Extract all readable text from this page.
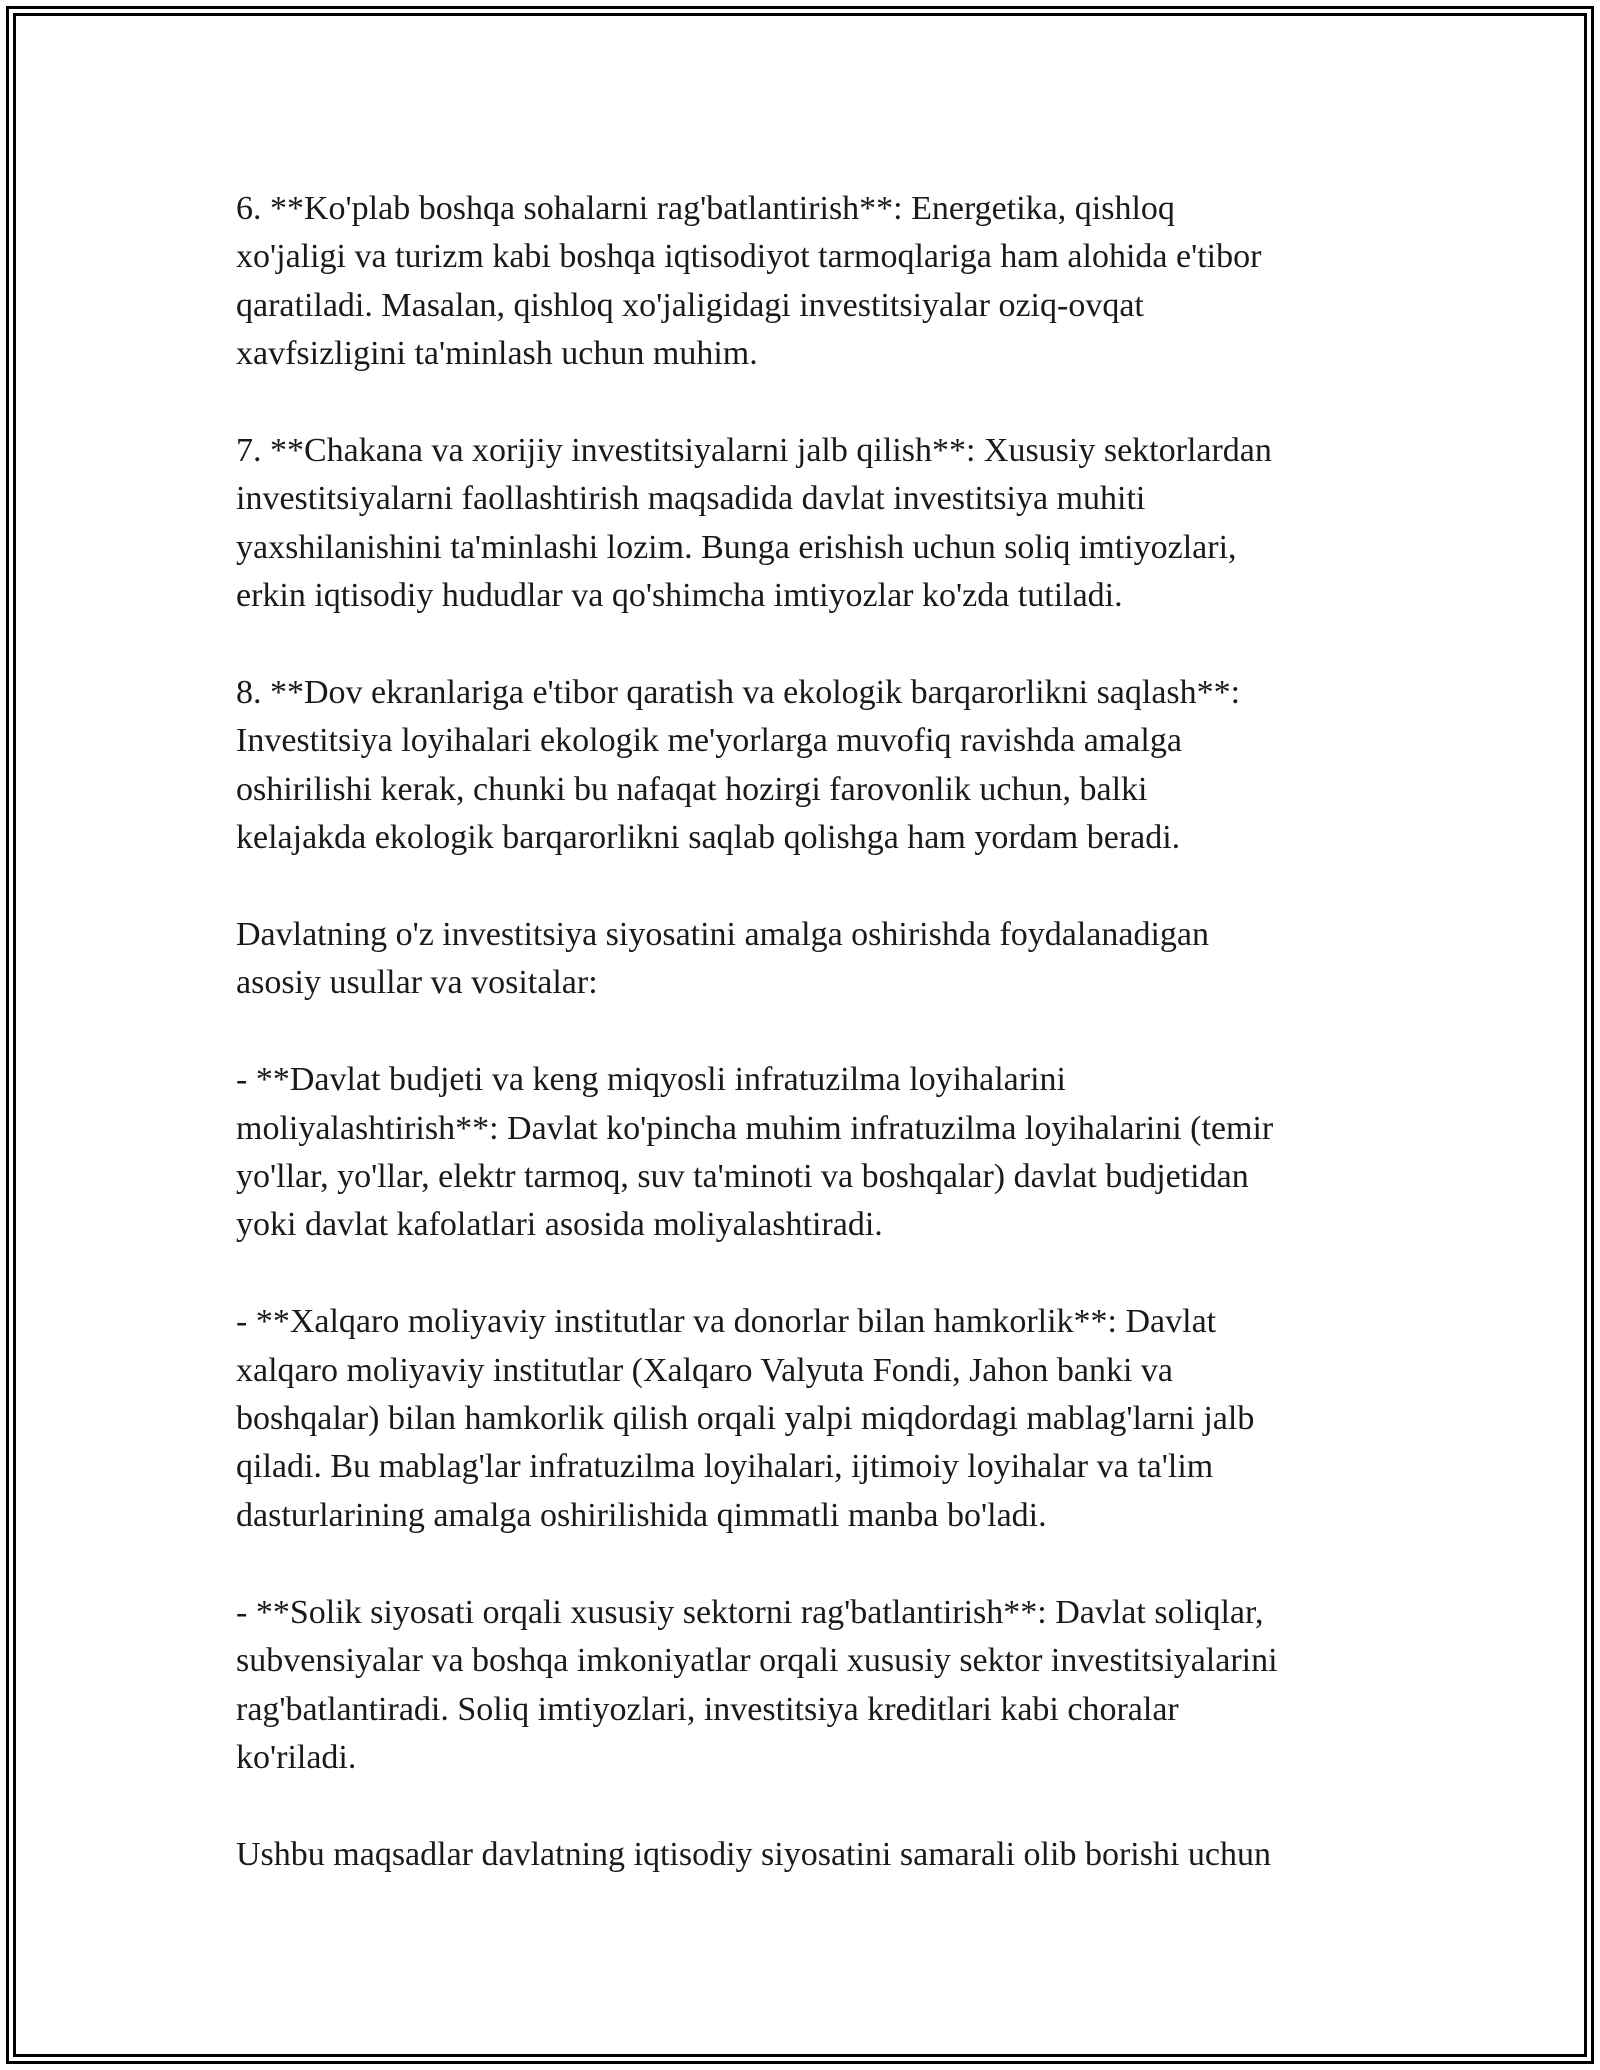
6. **Ko'plab boshqa sohalarni rag'batlantirish**: Energetika, qishloq
xo'jaligi va turizm kabi boshqa iqtisodiyot tarmoqlariga ham alohida e'tibor
qaratiladi. Masalan, qishloq xo'jaligidagi investitsiyalar oziq-ovqat
xavfsizligini ta'minlash uchun muhim.

7. **Chakana va xorijiy investitsiyalarni jalb qilish**: Xususiy sektorlardan
investitsiyalarni faollashtirish maqsadida davlat investitsiya muhiti
yaxshilanishini ta'minlashi lozim. Bunga erishish uchun soliq imtiyozlari,
erkin iqtisodiy hududlar va qo'shimcha imtiyozlar ko'zda tutiladi.

8. **Dov ekranlariga e'tibor qaratish va ekologik barqarorlikni saqlash**:
Investitsiya loyihalari ekologik me'yorlarga muvofiq ravishda amalga
oshirilishi kerak, chunki bu nafaqat hozirgi farovonlik uchun, balki
kelajakda ekologik barqarorlikni saqlab qolishga ham yordam beradi.

Davlatning o'z investitsiya siyosatini amalga oshirishda foydalanadigan
asosiy usullar va vositalar:

- **Davlat budjeti va keng miqyosli infratuzilma loyihalarini
moliyalashtirish**: Davlat ko'pincha muhim infratuzilma loyihalarini (temir
yo'llar, yo'llar, elektr tarmoq, suv ta'minoti va boshqalar) davlat budjetidan
yoki davlat kafolatlari asosida moliyalashtiradi.

- **Xalqaro moliyaviy institutlar va donorlar bilan hamkorlik**: Davlat
xalqaro moliyaviy institutlar (Xalqaro Valyuta Fondi, Jahon banki va
boshqalar) bilan hamkorlik qilish orqali yalpi miqdordagi mablag'larni jalb
qiladi. Bu mablag'lar infratuzilma loyihalari, ijtimoiy loyihalar va ta'lim
dasturlarining amalga oshirilishida qimmatli manba bo'ladi.

- **Solik siyosati orqali xususiy sektorni rag'batlantirish**: Davlat soliqlar,
subvensiyalar va boshqa imkoniyatlar orqali xususiy sektor investitsiyalarini
rag'batlantiradi. Soliq imtiyozlari, investitsiya kreditlari kabi choralar
ko'riladi.

Ushbu maqsadlar davlatning iqtisodiy siyosatini samarali olib borishi uchun
